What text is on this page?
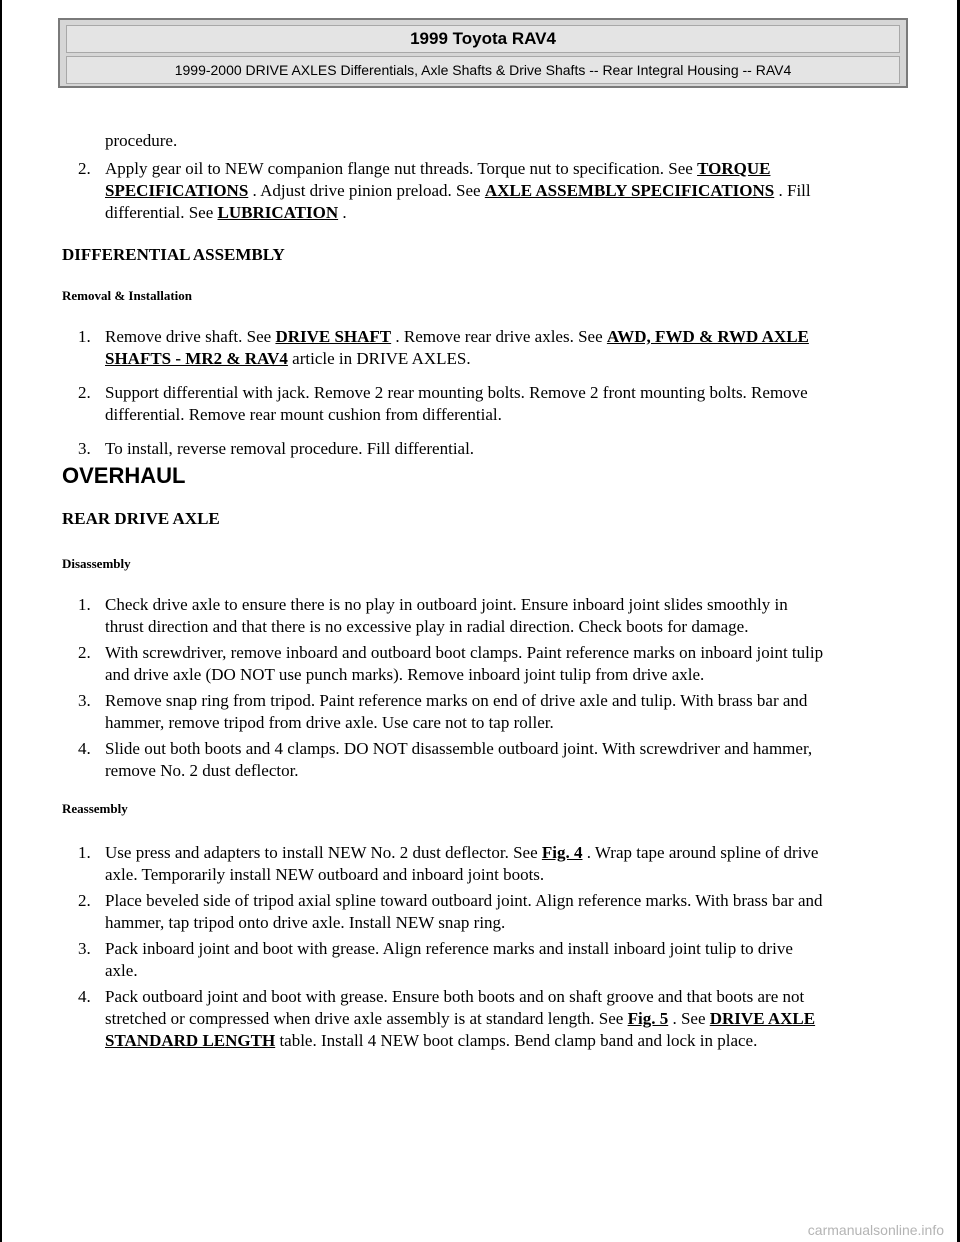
1999 Toyota RAV4
1999-2000 DRIVE AXLES Differentials, Axle Shafts & Drive Shafts -- Rear Integral Housing -- RAV4
procedure.
2. Apply gear oil to NEW companion flange nut threads. Torque nut to specification. See TORQUE
SPECIFICATIONS . Adjust drive pinion preload. See AXLE ASSEMBLY SPECIFICATIONS . Fill
differential. See LUBRICATION .
DIFFERENTIAL ASSEMBLY
Removal & Installation
1. Remove drive shaft. See DRIVE SHAFT . Remove rear drive axles. See AWD, FWD & RWD AXLE
SHAFTS - MR2 & RAV4 article in DRIVE AXLES.
2. Support differential with jack. Remove 2 rear mounting bolts. Remove 2 front mounting bolts. Remove
differential. Remove rear mount cushion from differential.
3. To install, reverse removal procedure. Fill differential.
OVERHAUL
REAR DRIVE AXLE
Disassembly
1. Check drive axle to ensure there is no play in outboard joint. Ensure inboard joint slides smoothly in
thrust direction and that there is no excessive play in radial direction. Check boots for damage.
2. With screwdriver, remove inboard and outboard boot clamps. Paint reference marks on inboard joint tulip
and drive axle (DO NOT use punch marks). Remove inboard joint tulip from drive axle.
3. Remove snap ring from tripod. Paint reference marks on end of drive axle and tulip. With brass bar and
hammer, remove tripod from drive axle. Use care not to tap roller.
4. Slide out both boots and 4 clamps. DO NOT disassemble outboard joint. With screwdriver and hammer,
remove No. 2 dust deflector.
Reassembly
1. Use press and adapters to install NEW No. 2 dust deflector. See Fig. 4 . Wrap tape around spline of drive
axle. Temporarily install NEW outboard and inboard joint boots.
2. Place beveled side of tripod axial spline toward outboard joint. Align reference marks. With brass bar and
hammer, tap tripod onto drive axle. Install NEW snap ring.
3. Pack inboard joint and boot with grease. Align reference marks and install inboard joint tulip to drive
axle.
4. Pack outboard joint and boot with grease. Ensure both boots and on shaft groove and that boots are not
stretched or compressed when drive axle assembly is at standard length. See Fig. 5 . See DRIVE AXLE
STANDARD LENGTH table. Install 4 NEW boot clamps. Bend clamp band and lock in place.
carmanualsonline.info
